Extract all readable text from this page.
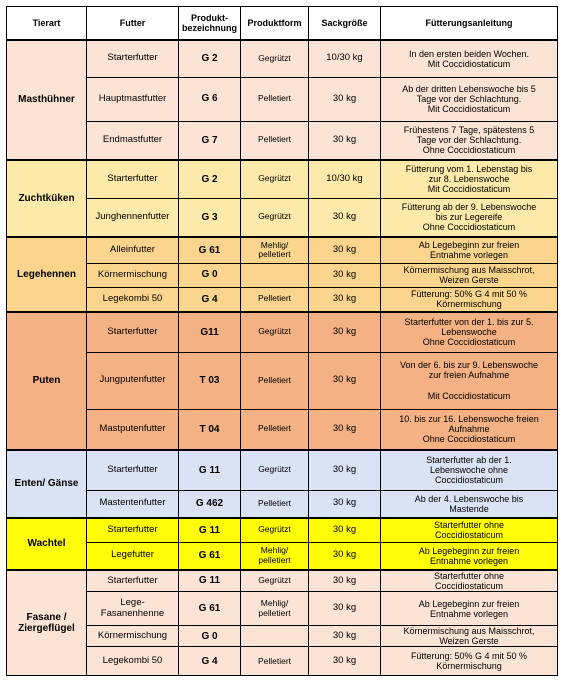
Tierart	Futter	Produkt-
bezeichnung	Produktform	Sackgröße	Fütterungsanleitung
Masthühner	Starterfutter	G 2	Gegrützt	10/30 kg	In den ersten beiden Wochen.
Mit Coccidiostaticum
	Hauptmastfutter	G 6	Pelletiert	30 kg	Ab der dritten Lebenswoche bis 5
Tage vor der Schlachtung.
Mit Coccidiostaticum
	Endmastfutter	G 7	Pelletiert	30 kg	Frühestens 7 Tage, spätestens 5
Tage vor der Schlachtung.
Ohne Coccidiostaticum
Zuchtküken	Starterfutter	G 2	Gegrützt	10/30 kg	Fütterung vom 1. Lebenstag bis
zur 8. Lebenswoche
Mit Coccidiostaticum
	Junghennenfutter	G 3	Gegrützt	30 kg	Fütterung ab der 9. Lebenswoche
bis zur Legereife
Ohne Coccidiostaticum
Legehennen	Alleinfutter	G 61	Mehlig/
pelletiert	30 kg	Ab Legebeginn zur freien
Entnahme vorlegen
	Körnermischung	G 0		30 kg	Körnermischung aus Maisschrot,
Weizen Gerste
	Legekombi 50	G 4	Pelletiert	30 kg	Fütterung: 50% G 4 mit 50 %
Körnermischung
Puten	Starterfutter	G11	Gegrützt	30 kg	Starterfutter von der 1. bis zur 5.
Lebenswoche
Ohne Coccidiostaticum
	Jungputenfutter	T 03	Pelletiert	30 kg	Von der 6. bis zur 9. Lebenswoche
zur freien Aufnahme

Mit Coccidiostaticum
	Mastputenfutter	T 04	Pelletiert	30 kg	10. bis zur 16. Lebenswoche freien
Aufnahme
Ohne Coccidiostaticum
Enten/ Gänse	Starterfutter	G 11	Gegrützt	30 kg	Starterfutter ab der 1.
Lebenswoche ohne
Coccidiostaticum
	Mastentenfutter	G 462	Pelletiert	30 kg	Ab der 4. Lebenswoche bis
Mastende
Wachtel	Starterfutter	G 11	Gegrützt	30 kg	Starterfutter ohne
Coccidiostaticum
	Legefutter	G 61	Mehlig/
pelletiert	30 kg	Ab Legebeginn zur freien
Entnahme vorlegen
Fasane /
Ziergeflügel	Starterfutter	G 11	Gegrützt	30 kg	Starterfutter ohne
Coccidiostaticum
	Lege-
Fasanenhenne	G 61	Mehlig/
pelletiert	30 kg	Ab Legebeginn zur freien
Entnahme vorlegen
	Körnermischung	G 0		30 kg	Körnermischung aus Maisschrot,
Weizen Gerste
	Legekombi 50	G 4	Pelletiert	30 kg	Fütterung: 50% G 4 mit 50 %
Körnermischung
